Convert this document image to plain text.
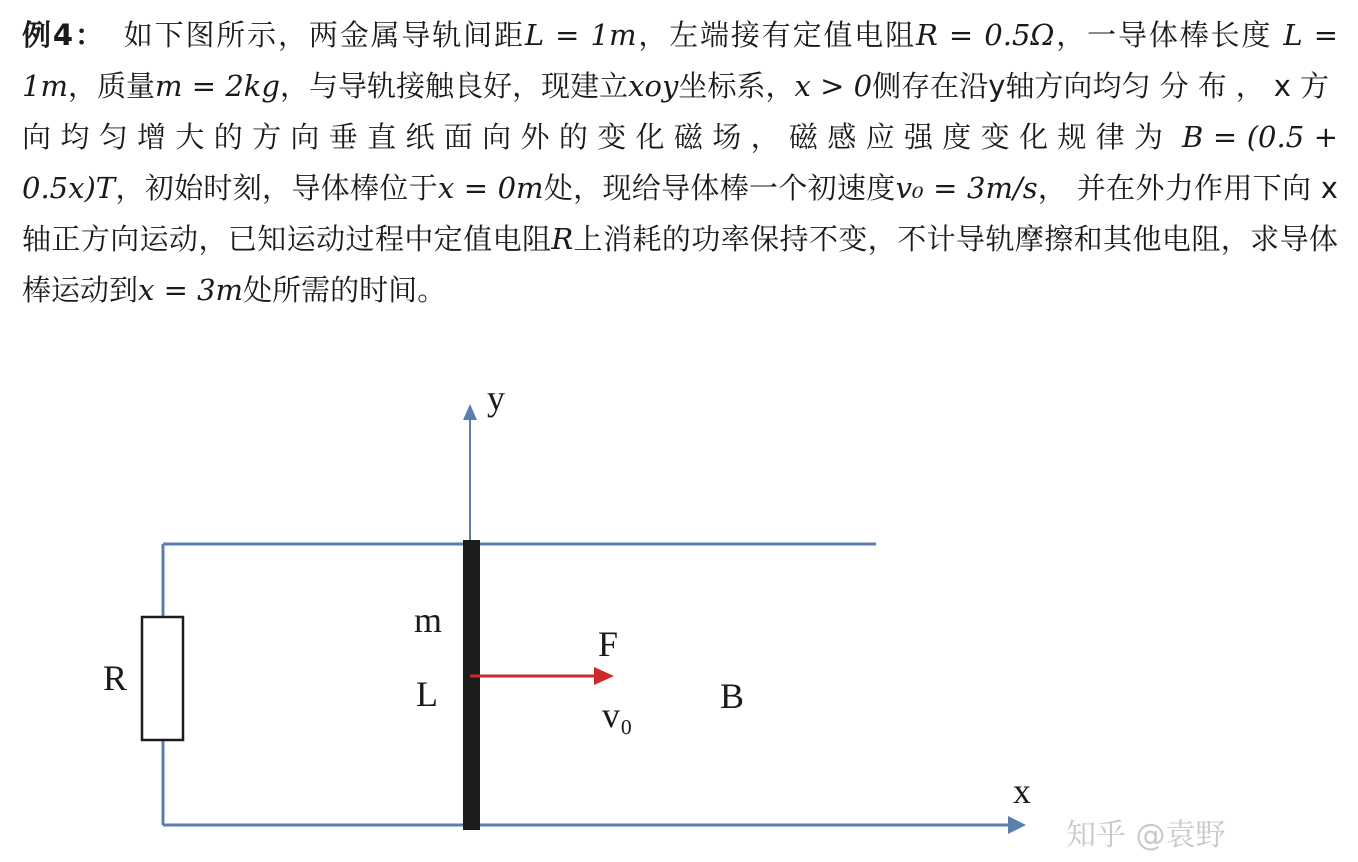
例4： 如下图所示，两金属导轨间距L = 1m，左端接有定值电阻R = 0.5Ω，一导体棒长度 L = 1m，质量m = 2kg，与导轨接触良好，现建立xoy坐标系，x > 0侧存在沿y轴方向均匀 分布，x方向均匀增大的方向垂直纸面向外的变化磁场，磁感应强度变化规律为 B = (0.5 + 0.5x)T，初始时刻，导体棒位于x = 0m处，现给导体棒一个初速度v₀ = 3m/s， 并在外力作用下向 x 轴正方向运动，已知运动过程中定值电阻R上消耗的功率保持不变，不计导轨摩擦和其他电阻，求导体棒运动到x = 3m处所需的时间。
y
x
R
m
L
F
v₀ B
知乎 @袁野
